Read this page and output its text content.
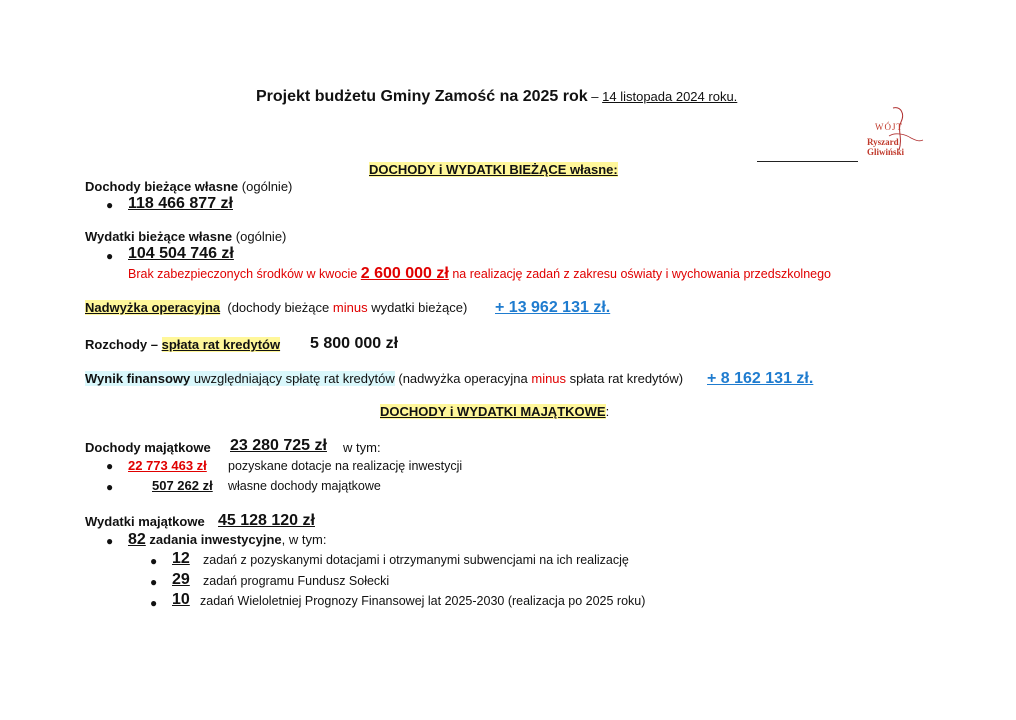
Projekt budżetu Gminy Zamość na 2025 rok – 14 listopada 2024 roku.
WÓJT
Ryszard Gliwiński
DOCHODY i WYDATKI BIEŻĄCE własne:
Dochody bieżące własne (ogólnie)
● 118 466 877 zł
Wydatki bieżące własne (ogólnie)
● 104 504 746 zł
Brak zabezpieczonych środków w kwocie 2 600 000 zł na realizację zadań z zakresu oświaty i wychowania przedszkolnego
Nadwyżka operacyjna (dochody bieżące minus wydatki bieżące) + 13 962 131 zł.
Rozchody – spłata rat kredytów 5 800 000 zł
Wynik finansowy uwzględniający spłatę rat kredytów (nadwyżka operacyjna minus spłata rat kredytów) + 8 162 131 zł.
DOCHODY i WYDATKI MAJĄTKOWE:
Dochody majątkowe 23 280 725 zł w tym:
● 22 773 463 zł pozyskane dotacje na realizację inwestycji
●	507 262 zł własne dochody majątkowe
Wydatki majątkowe 45 128 120 zł
● 82 zadania inwestycyjne, w tym:
● 12 zadań z pozyskanymi dotacjami i otrzymanymi subwencjami na ich realizację
● 29 zadań programu Fundusz Sołecki
● 10 zadań Wieloletniej Prognozy Finansowej lat 2025-2030 (realizacja po 2025 roku)
